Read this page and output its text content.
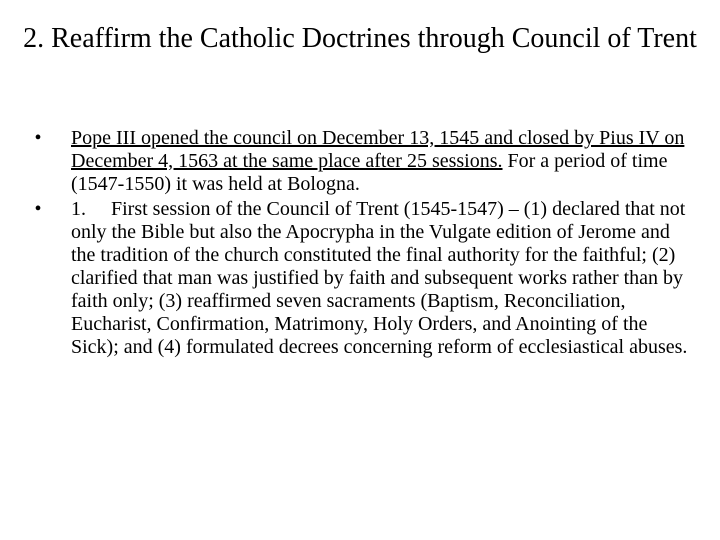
2. Reaffirm the Catholic Doctrines through Council of Trent
•	Pope III opened the council on December 13, 1545 and closed by Pius IV on December 4, 1563 at the same place after 25 sessions. For a period of time (1547-1550) it was held at Bologna.
•	1. First session of the Council of Trent (1545-1547) – (1) declared that not only the Bible but also the Apocrypha in the Vulgate edition of Jerome and the tradition of the church constituted the final authority for the faithful; (2) clarified that man was justified by faith and subsequent works rather than by faith only; (3) reaffirmed seven sacraments (Baptism, Reconciliation, Eucharist, Confirmation, Matrimony, Holy Orders, and Anointing of the Sick); and (4) formulated decrees concerning reform of ecclesiastical abuses.
